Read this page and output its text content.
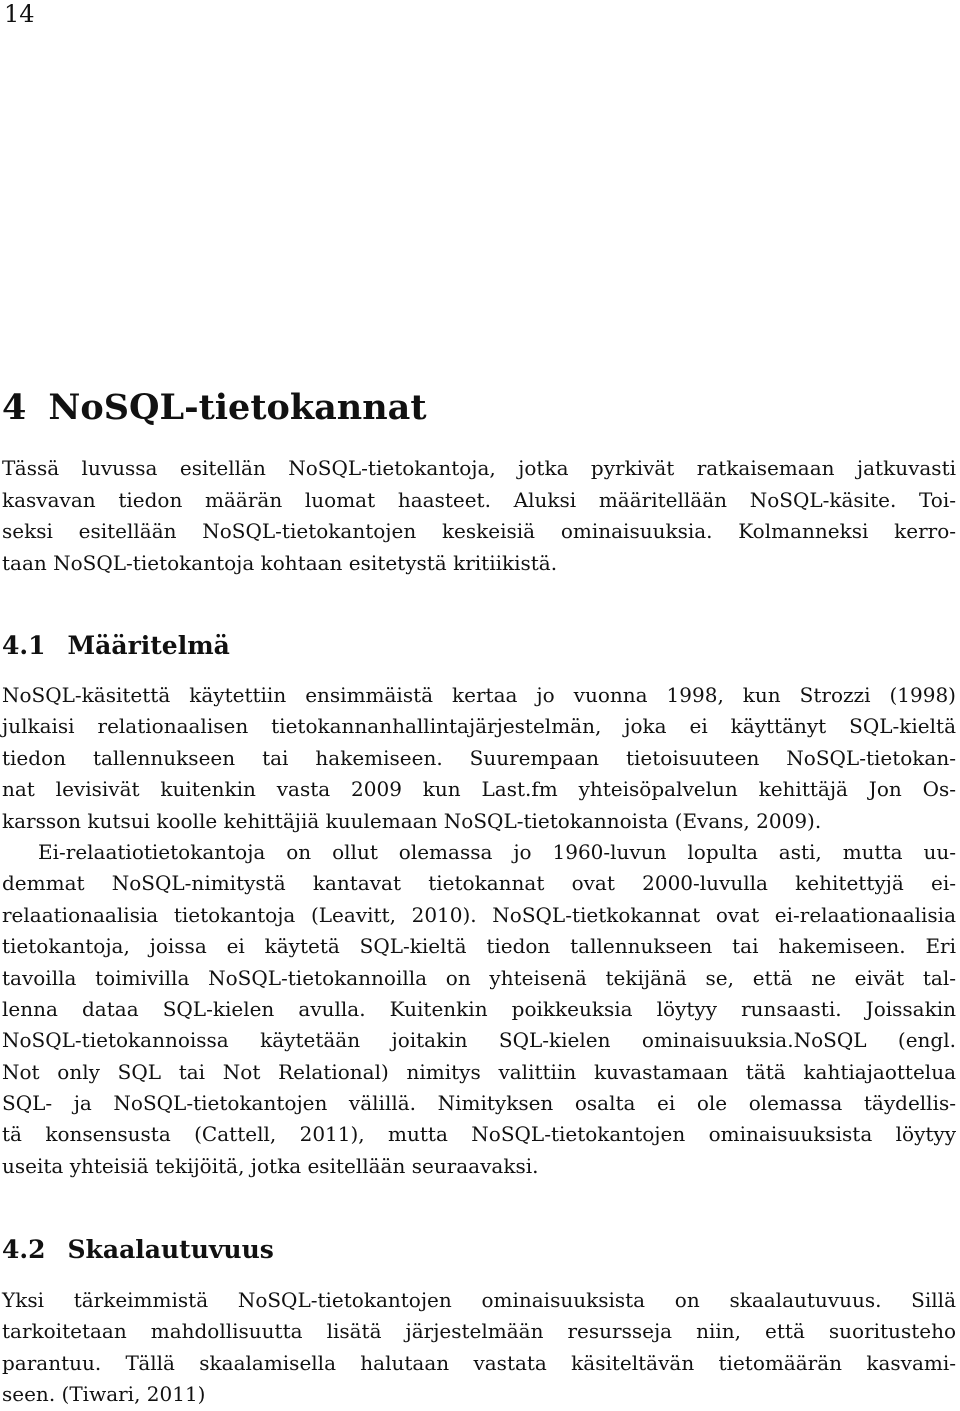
14
4 NoSQL-tietokannat
Tässä luvussa esitellän NoSQL-tietokantoja, jotka pyrkivät ratkaisemaan jatkuvasti
kasvavan tiedon määrän luomat haasteet. Aluksi määritellään NoSQL-käsite. Toi-
seksi esitellään NoSQL-tietokantojen keskeisiä ominaisuuksia. Kolmanneksi kerro-
taan NoSQL-tietokantoja kohtaan esitetystä kritiikistä.
4.1 Määritelmä
NoSQL-käsitettä käytettiin ensimmäistä kertaa jo vuonna 1998, kun Strozzi (1998)
julkaisi relationaalisen tietokannanhallintajärjestelmän, joka ei käyttänyt SQL-kieltä
tiedon tallennukseen tai hakemiseen. Suurempaan tietoisuuteen NoSQL-tietokan-
nat levisivät kuitenkin vasta 2009 kun Last.fm yhteisöpalvelun kehittäjä Jon Os-
karsson kutsui koolle kehittäjiä kuulemaan NoSQL-tietokannoista (Evans, 2009).
Ei-relaatiotietokantoja on ollut olemassa jo 1960-luvun lopulta asti, mutta uu-
demmat NoSQL-nimitystä kantavat tietokannat ovat 2000-luvulla kehitettyjä ei-
relaationaalisia tietokantoja (Leavitt, 2010). NoSQL-tietkokannat ovat ei-relaationaalisia
tietokantoja, joissa ei käytetä SQL-kieltä tiedon tallennukseen tai hakemiseen. Eri
tavoilla toimivilla NoSQL-tietokannoilla on yhteisenä tekijänä se, että ne eivät tal-
lenna dataa SQL-kielen avulla. Kuitenkin poikkeuksia löytyy runsaasti. Joissakin
NoSQL-tietokannoissa käytetään joitakin SQL-kielen ominaisuuksia.NoSQL (engl.
Not only SQL tai Not Relational) nimitys valittiin kuvastamaan tätä kahtiajaottelua
SQL- ja NoSQL-tietokantojen välillä. Nimityksen osalta ei ole olemassa täydellis-
tä konsensusta (Cattell, 2011), mutta NoSQL-tietokantojen ominaisuuksista löytyy
useita yhteisiä tekijöitä, jotka esitellään seuraavaksi.
4.2 Skaalautuvuus
Yksi tärkeimmistä NoSQL-tietokantojen ominaisuuksista on skaalautuvuus. Sillä
tarkoitetaan mahdollisuutta lisätä järjestelmään resursseja niin, että suoritusteho
parantuu. Tällä skaalamisella halutaan vastata käsiteltävän tietomäärän kasvami-
seen. (Tiwari, 2011)
